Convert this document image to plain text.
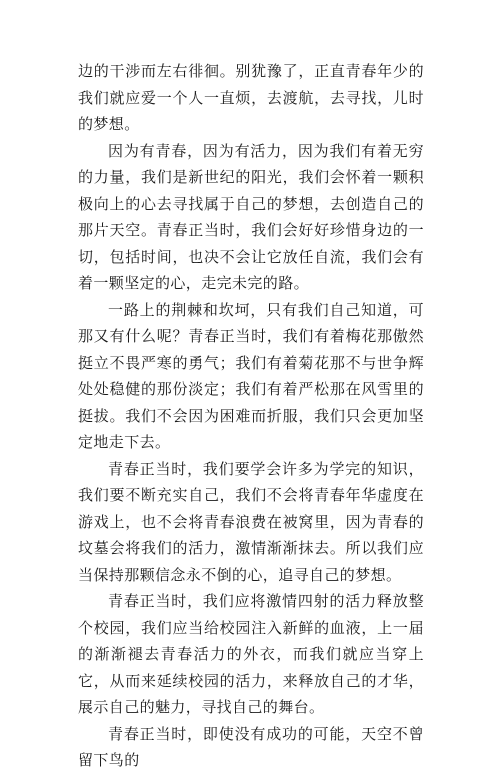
边的干涉而左右徘徊。别犹豫了，正直青春年少的我们就应爱一个人一直烦，去渡航，去寻找，儿时的梦想。

因为有青春，因为有活力，因为我们有着无穷的力量，我们是新世纪的阳光，我们会怀着一颗积极向上的心去寻找属于自己的梦想，去创造自己的那片天空。青春正当时，我们会好好珍惜身边的一切，包括时间，也决不会让它放任自流，我们会有着一颗坚定的心，走完未完的路。

一路上的荆棘和坎坷，只有我们自己知道，可那又有什么呢？青春正当时，我们有着梅花那傲然挺立不畏严寒的勇气；我们有着菊花那不与世争辉处处稳健的那份淡定；我们有着严松那在风雪里的挺拔。我们不会因为困难而折服，我们只会更加坚定地走下去。

青春正当时，我们要学会许多为学完的知识，我们要不断充实自己，我们不会将青春年华虚度在游戏上，也不会将青春浪费在被窝里，因为青春的坟墓会将我们的活力，激情渐渐抹去。所以我们应当保持那颗信念永不倒的心，追寻自己的梦想。

青春正当时，我们应将激情四射的活力释放整个校园，我们应当给校园注入新鲜的血液，上一届的渐渐褪去青春活力的外衣，而我们就应当穿上它，从而来延续校园的活力，来释放自己的才华，展示自己的魅力，寻找自己的舞台。

青春正当时，即使没有成功的可能，天空不曾留下鸟的
